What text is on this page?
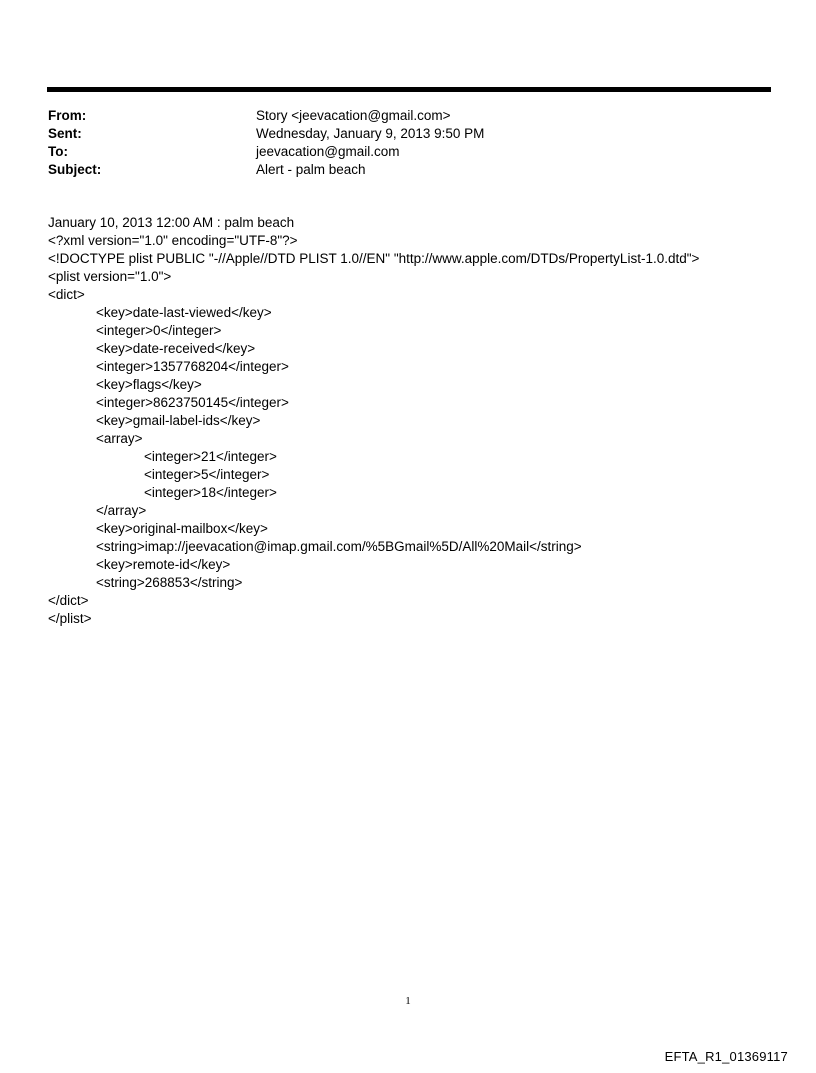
From:	Story <jeevacation@gmail.com>
Sent:	Wednesday, January 9, 2013 9:50 PM
To:	jeevacation@gmail.com
Subject:	Alert - palm beach
January 10, 2013 12:00 AM : palm beach
<?xml version="1.0" encoding="UTF-8"?>
<!DOCTYPE plist PUBLIC "-//Apple//DTD PLIST 1.0//EN" "http://www.apple.com/DTDs/PropertyList-1.0.dtd">
<plist version="1.0">
<dict>
<key>date-last-viewed</key>
<integer>0</integer>
<key>date-received</key>
<integer>1357768204</integer>
<key>flags</key>
<integer>8623750145</integer>
<key>gmail-label-ids</key>
<array>
<integer>21</integer>
<integer>5</integer>
<integer>18</integer>
</array>
<key>original-mailbox</key>
<string>imap://jeevacation@imap.gmail.com/%5BGmail%5D/All%20Mail</string>
<key>remote-id</key>
<string>268853</string>
</dict>
</plist>
1
EFTA_R1_01369117
